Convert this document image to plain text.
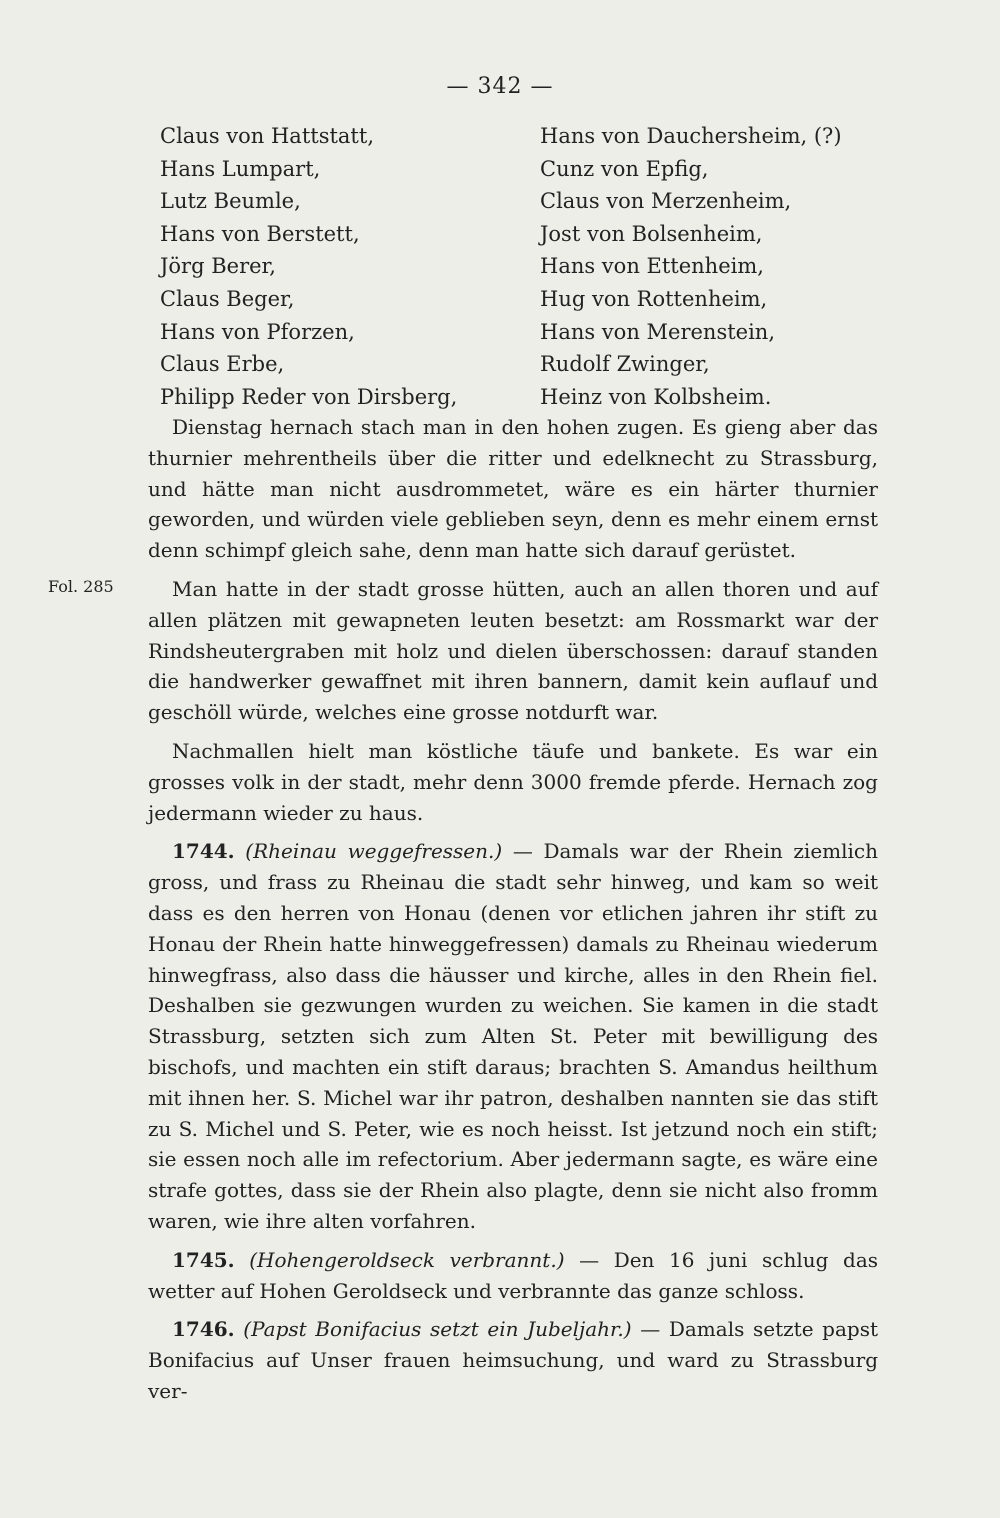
— 342 —
Claus von Hattstatt,
Hans Lumpart,
Lutz Beumle,
Hans von Berstett,
Jörg Berer,
Claus Beger,
Hans von Pforzen,
Claus Erbe,
Philipp Reder von Dirsberg,
Hans von Dauchersheim, (?)
Cunz von Epfig,
Claus von Merzenheim,
Jost von Bolsenheim,
Hans von Ettenheim,
Hug von Rottenheim,
Hans von Merenstein,
Rudolf Zwinger,
Heinz von Kolbsheim.
Fol. 285

Dienstag hernach stach man in den hohen zugen. Es gieng aber das thurnier mehrentheils über die ritter und edelknecht zu Strassburg, und hätte man nicht ausdrommetet, wäre es ein härter thurnier geworden, und würden viele geblieben seyn, denn es mehr einem ernst denn schimpf gleich sahe, denn man hatte sich darauf gerüstet.

Man hatte in der stadt grosse hütten, auch an allen thoren und auf allen plätzen mit gewapneten leuten besetzt: am Rossmarkt war der Rindsheutergraben mit holz und dielen überschossen: darauf standen die handwerker gewaffnet mit ihren bannern, damit kein auflauf und geschöll würde, welches eine grosse notdurft war.

Nachmallen hielt man köstliche täufe und bankete. Es war ein grosses volk in der stadt, mehr denn 3000 fremde pferde. Hernach zog jedermann wieder zu haus.

1744. (Rheinau weggefressen.) — Damals war der Rhein ziemlich gross, und frass zu Rheinau die stadt sehr hinweg, und kam so weit dass es den herren von Honau (denen vor etlichen jahren ihr stift zu Honau der Rhein hatte hinweggefressen) damals zu Rheinau wiederum hinwegfrass, also dass die häusser und kirche, alles in den Rhein fiel. Deshalben sie gezwungen wurden zu weichen. Sie kamen in die stadt Strassburg, setzten sich zum Alten St. Peter mit bewilligung des bischofs, und machten ein stift daraus; brachten S. Amandus heilthum mit ihnen her. S. Michel war ihr patron, deshalben nannten sie das stift zu S. Michel und S. Peter, wie es noch heisst. Ist jetzund noch ein stift; sie essen noch alle im refectorium. Aber jedermann sagte, es wäre eine strafe gottes, dass sie der Rhein also plagte, denn sie nicht also fromm waren, wie ihre alten vorfahren.

1745. (Hohengeroldseck verbrannt.) — Den 16 juni schlug das wetter auf Hohen Geroldseck und verbrannte das ganze schloss.

1746. (Papst Bonifacius setzt ein Jubeljahr.) — Damals setzte papst Bonifacius auf Unser frauen heimsuchung, und ward zu Strassburg ver-
